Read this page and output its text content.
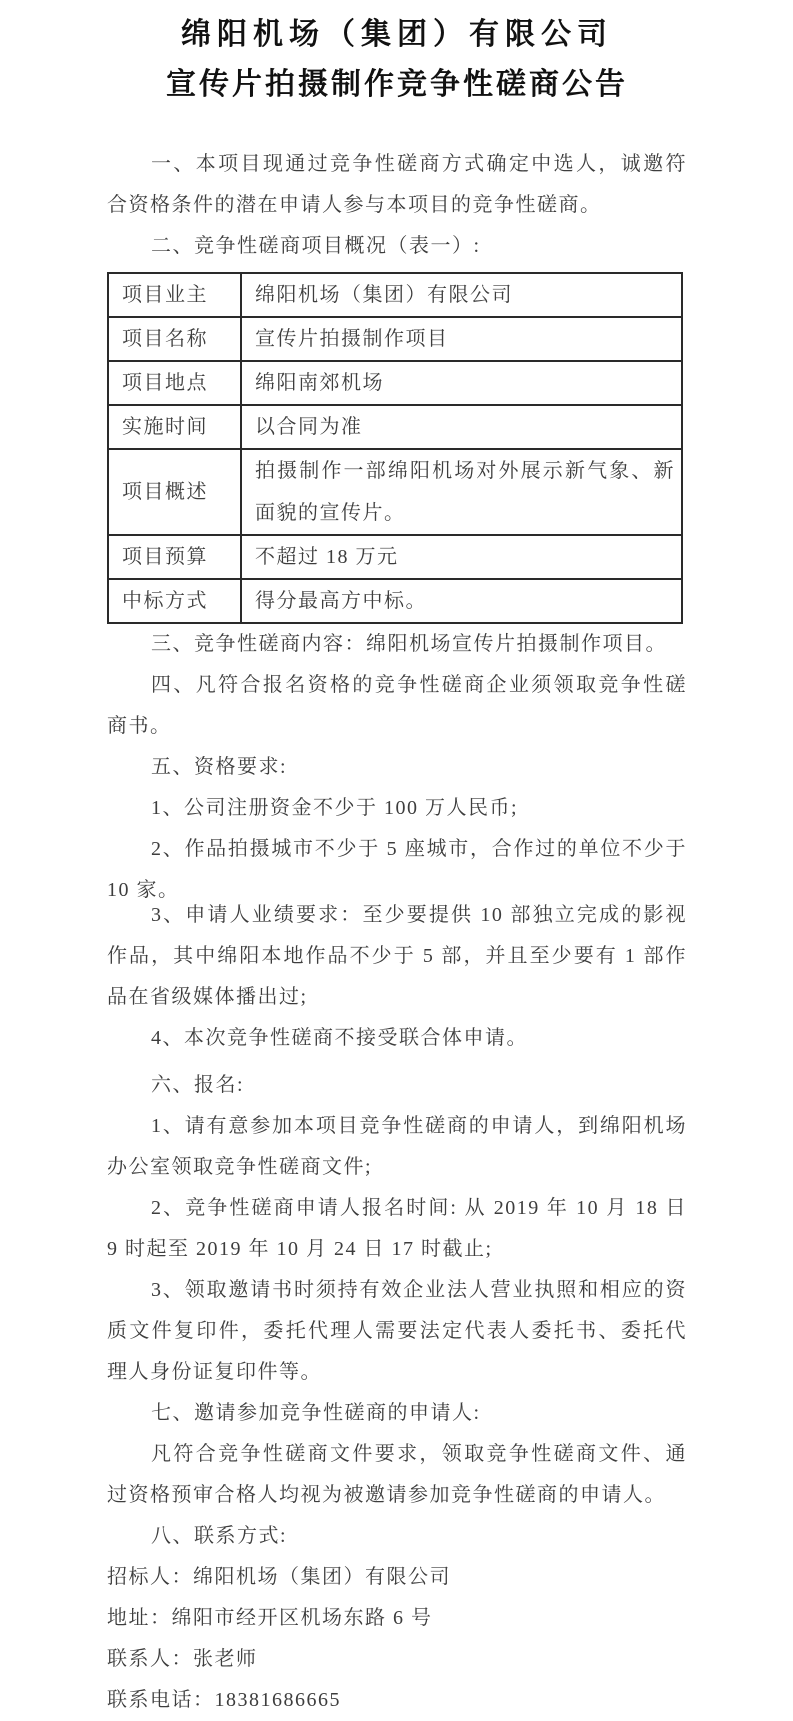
绵阳机场（集团）有限公司
宣传片拍摄制作竞争性磋商公告

一、本项目现通过竞争性磋商方式确定中选人，诚邀符合资格条件的潜在申请人参与本项目的竞争性磋商。

二、竞争性磋商项目概况（表一）:

项目业主	绵阳机场（集团）有限公司
项目名称	宣传片拍摄制作项目
项目地点	绵阳南郊机场
实施时间	以合同为准
项目概述	拍摄制作一部绵阳机场对外展示新气象、新面貌的宣传片。
项目预算	不超过 18 万元
中标方式	得分最高方中标。

三、竞争性磋商内容：绵阳机场宣传片拍摄制作项目。

四、凡符合报名资格的竞争性磋商企业须领取竞争性磋商书。

五、资格要求:

1、公司注册资金不少于 100 万人民币;

2、作品拍摄城市不少于 5 座城市，合作过的单位不少于 10 家。

3、申请人业绩要求：至少要提供 10 部独立完成的影视作品，其中绵阳本地作品不少于 5 部，并且至少要有 1 部作品在省级媒体播出过;

4、本次竞争性磋商不接受联合体申请。

六、报名:

1、请有意参加本项目竞争性磋商的申请人，到绵阳机场办公室领取竞争性磋商文件;

2、竞争性磋商申请人报名时间: 从 2019 年 10 月 18 日 9 时起至 2019 年 10 月 24 日 17 时截止;

3、领取邀请书时须持有效企业法人营业执照和相应的资质文件复印件，委托代理人需要法定代表人委托书、委托代理人身份证复印件等。

七、邀请参加竞争性磋商的申请人:

凡符合竞争性磋商文件要求，领取竞争性磋商文件、通过资格预审合格人均视为被邀请参加竞争性磋商的申请人。

八、联系方式:

招标人：绵阳机场（集团）有限公司

地址：绵阳市经开区机场东路 6 号

联系人：张老师

联系电话：18381686665
